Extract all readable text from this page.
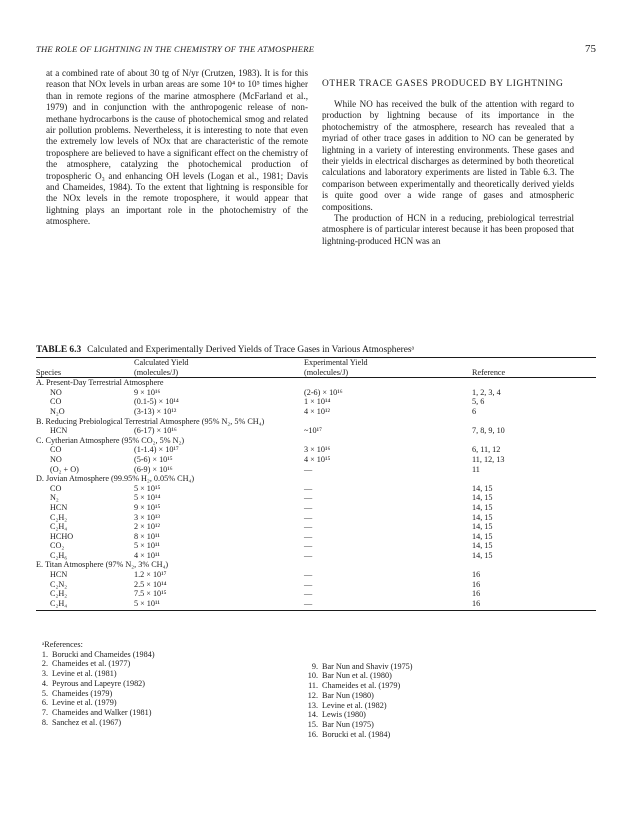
THE ROLE OF LIGHTNING IN THE CHEMISTRY OF THE ATMOSPHERE	75

at a combined rate of about 30 tg of N/yr (Crutzen, 1983). It is for this reason that NOx levels in urban areas are some 10⁴ to 10⁵ times higher than in remote regions of the marine atmosphere (McFarland et al., 1979) and in conjunction with the anthropogenic release of non-methane hydrocarbons is the cause of photochemical smog and related air pollution problems. Nevertheless, it is interesting to note that even the extremely low levels of NOx that are characteristic of the remote troposphere are believed to have a significant effect on the chemistry of the atmosphere, catalyzing the photochemical production of tropospheric O₃ and enhancing OH levels (Logan et al., 1981; Davis and Chameides, 1984). To the extent that lightning is responsible for the NOx levels in the remote troposphere, it would appear that lightning plays an important role in the photochemistry of the atmosphere.

OTHER TRACE GASES PRODUCED BY LIGHTNING

While NO has received the bulk of the attention with regard to production by lightning because of its importance in the photochemistry of the atmosphere, research has revealed that a myriad of other trace gases in addition to NO can be generated by lightning in a variety of interesting environments. These gases and their yields in electrical discharges as determined by both theoretical calculations and laboratory experiments are listed in Table 6.3. The comparison between experimentally and theoretically derived yields is quite good over a wide range of gases and atmospheric compositions.

The production of HCN in a reducing, prebiological terrestrial atmosphere is of particular interest because it has been proposed that lightning-produced HCN was an

TABLE 6.3 Calculated and Experimentally Derived Yields of Trace Gases in Various Atmospheresᵃ
	Calculated Yield	Experimental Yield	
Species	(molecules/J)	(molecules/J)	Reference
A. Present-Day Terrestrial Atmosphere			
NO	9 × 10¹⁶	(2-6) × 10¹⁶	1, 2, 3, 4
CO	(0.1-5) × 10¹⁴	1 × 10¹⁴	5, 6
N₂O	(3-13) × 10¹²	4 × 10¹²	6
B. Reducing Prebiological Terrestrial Atmosphere (95% N₂, 5% CH₄)			
HCN	(6-17) × 10¹⁶	~10¹⁷	7, 8, 9, 10
C. Cytherian Atmosphere (95% CO₂, 5% N₂)			
CO	(1-1.4) × 10¹⁷	3 × 10¹⁶	6, 11, 12
NO	(5-6) × 10¹⁵	4 × 10¹⁵	11, 12, 13
(O₂ + O)	(6-9) × 10¹⁶	—	11
D. Jovian Atmosphere (99.95% H₂, 0.05% CH₄)			
CO	5 × 10¹⁵	—	14, 15
N₂	5 × 10¹⁴	—	14, 15
HCN	9 × 10¹⁵	—	14, 15
C₂H₂	3 × 10¹³	—	14, 15
C₂H₄	2 × 10¹²	—	14, 15
HCHO	8 × 10¹¹	—	14, 15
CO₂	5 × 10¹¹	—	14, 15
C₂H₆	4 × 10¹¹	—	14, 15
E. Titan Atmosphere (97% N₂, 3% CH₄)			
HCN	1.2 × 10¹⁷	—	16
C₂N₂	2.5 × 10¹⁴	—	16
C₂H₂	7.5 × 10¹⁵	—	16
C₂H₄	5 × 10¹¹	—	16
ᵃReferences:
1. Borucki and Chameides (1984)
2. Chameides et al. (1977)
3. Levine et al. (1981)
4. Peyrous and Lapeyre (1982)
5. Chameides (1979)
6. Levine et al. (1979)
7. Chameides and Walker (1981)
8. Sanchez et al. (1967)
9. Bar Nun and Shaviv (1975)
10. Bar Nun et al. (1980)
11. Chameides et al. (1979)
12. Bar Nun (1980)
13. Levine et al. (1982)
14. Lewis (1980)
15. Bar Nun (1975)
16. Borucki et al. (1984)
